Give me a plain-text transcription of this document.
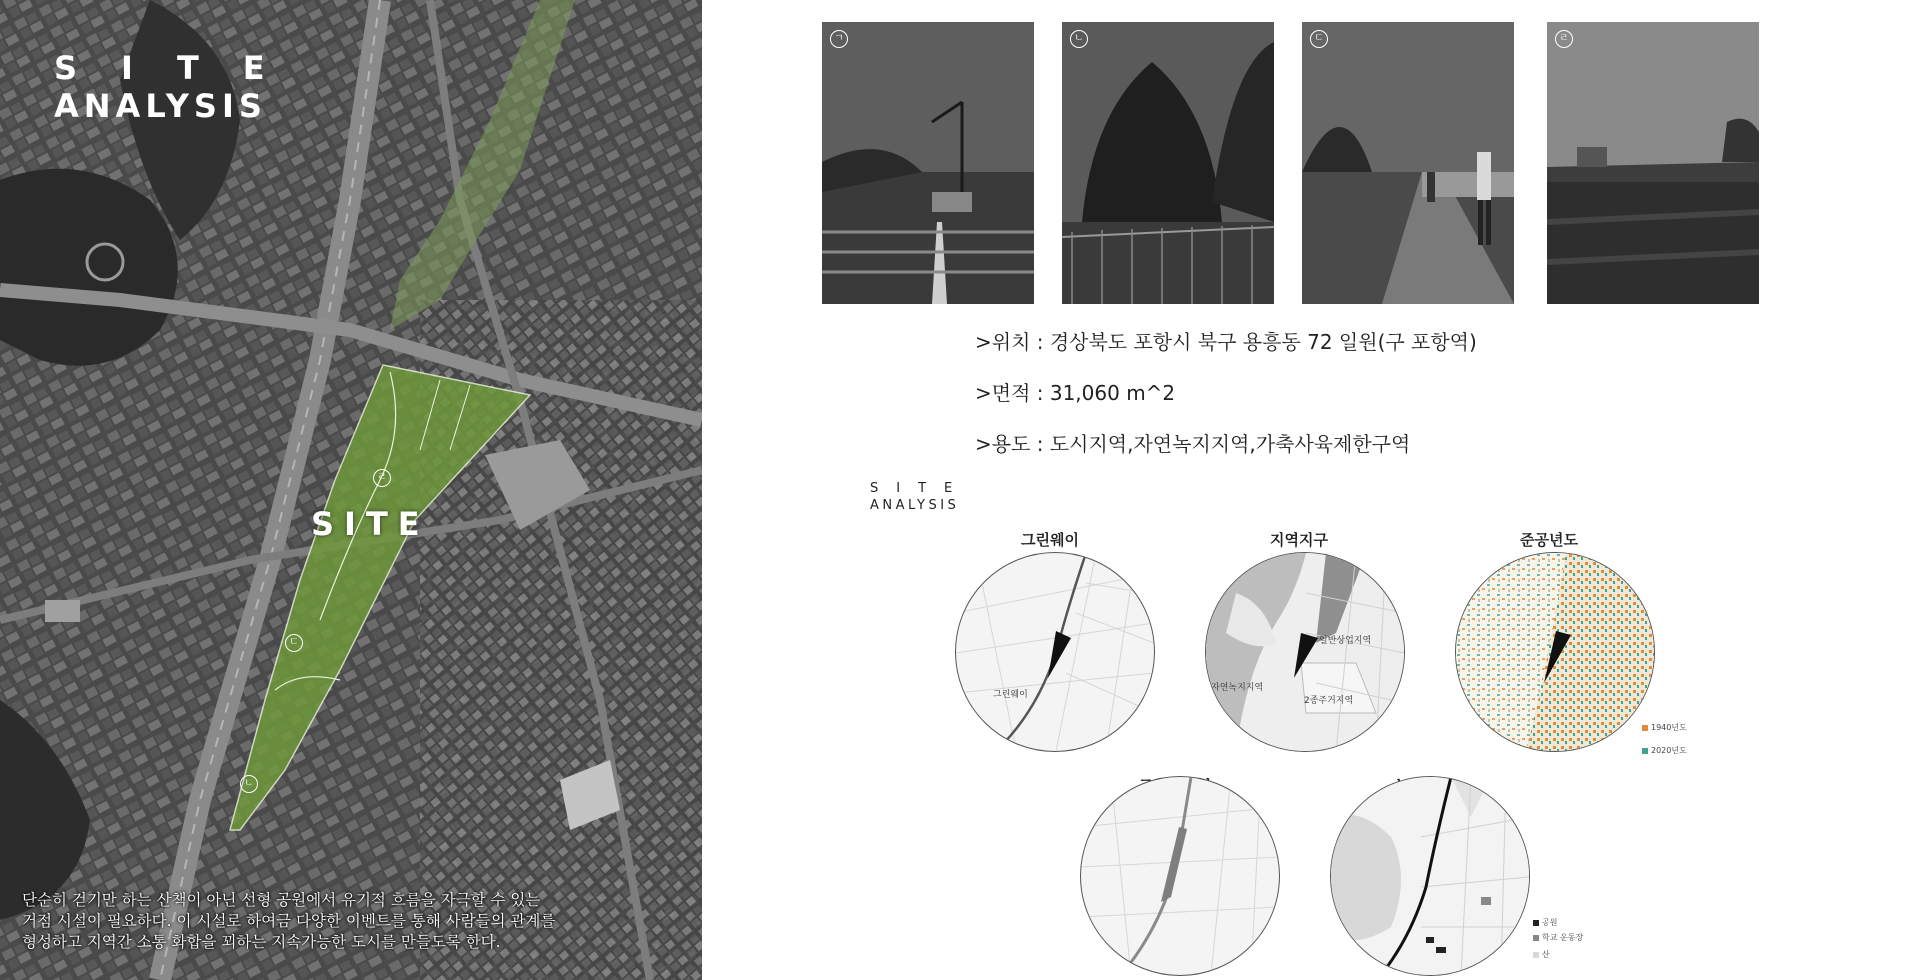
SITE
ANALYSIS
SITE
ㄹ
ㄷ
ㄴ
단순히 걷기만 하는 산책이 아닌 선형 공원에서 유기적 흐름을 자극할 수 있는
거점 시설이 필요하다. 이 시설로 하여금 다양한 이벤트를 통해 사람들의 관계를
형성하고 지역간 소통 화합을 꾀하는 지속가능한 도시를 만들도록 한다.
ㄱ	ㄴ	ㄷ	ㄹ
>위치 : 경상북도 포항시 북구 용흥동 72 일원(구 포항역)
>면적 : 31,060 m^2
>용도 : 도시지역,자연녹지지역,가축사육제한구역
SITE
ANALYSIS
그린웨이
그린웨이
지역지구
일반상업지역
자연녹지지역
2종주거지역
준공년도
1940년도
2020년도
공원
학교 운동장
산
